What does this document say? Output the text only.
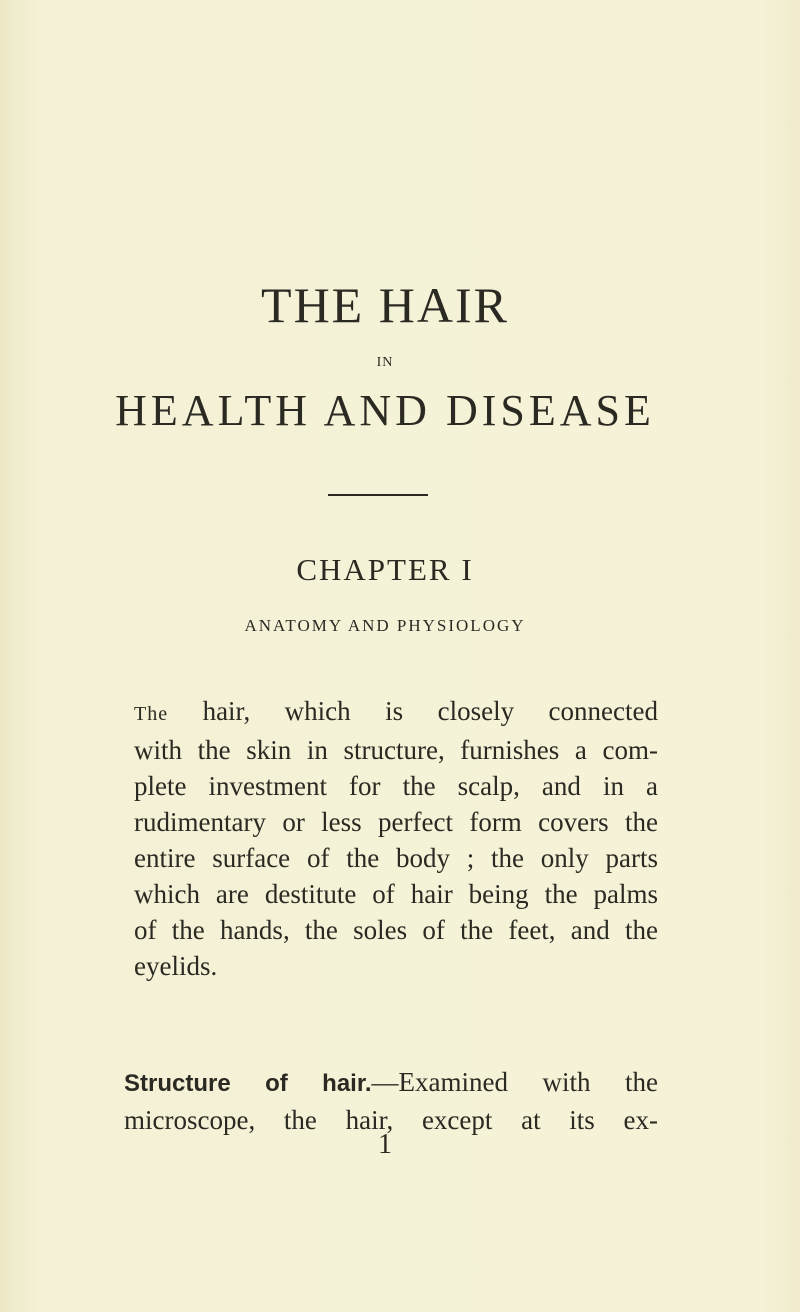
THE HAIR
IN
HEALTH AND DISEASE
CHAPTER I
ANATOMY AND PHYSIOLOGY
The hair, which is closely connected
with the skin in structure, furnishes a com-
plete investment for the scalp, and in a
rudimentary or less perfect form covers the
entire surface of the body ; the only parts
which are destitute of hair being the palms
of the hands, the soles of the feet, and the
eyelids.
Structure of hair.—Examined with the
microscope, the hair, except at its ex-
1
